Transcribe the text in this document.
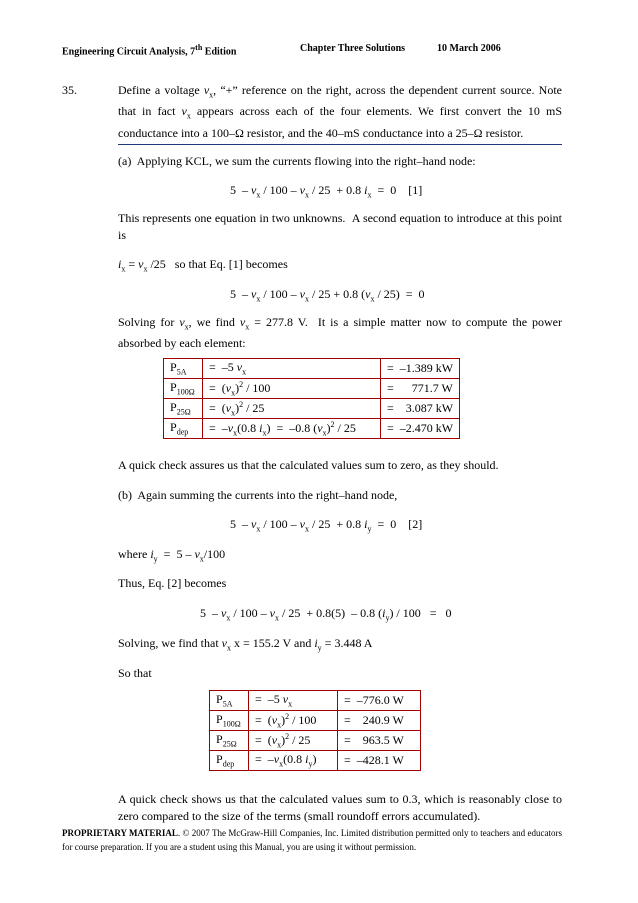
Engineering Circuit Analysis, 7th Edition	Chapter Three Solutions	10 March 2006
35.	Define a voltage $v_x$, “+” reference on the right, across the dependent current source. Note that in fact $v_x$ appears across each of the four elements. We first convert the 10 mS conductance into a 100–Ω resistor, and the 40–mS conductance into a 25–Ω resistor.
(a)  Applying KCL, we sum the currents flowing into the right–hand node:
$5 - v_x / 100 - v_x / 25 + 0.8$ $i_x = 0$    [1]
This represents one equation in two unknowns.  A second equation to introduce at this point is
$i_x = v_x$ /25   so that Eq. [1] becomes
$5 - v_x / 100 - v_x / 25 + 0.8$ $(v_x / 25) = 0$
Solving for $v_x$, we find $v_x = 277.8$ V.  It is a simple matter now to compute the power absorbed by each element:
$P_{5A}$	=  –5 $v_x$	=  –1.389 kW
$P_{100\Omega}$	=  $(v_x)^2 / 100$	=      771.7 W
$P_{25\Omega}$	=  $(v_x)^2 / 25$	=    3.087 kW
$P_{dep}$	=  $-v_x(0.8$ $i_x) = -0.8$ $(v_x)^2 / 25$	=  –2.470 kW
A quick check assures us that the calculated values sum to zero, as they should.
(b)  Again summing the currents into the right–hand node,
$5 - v_x / 100 - v_x / 25 + 0.8$ $i_y = 0$    [2]
where $i_y = 5 - v_x/100$
Thus, Eq. [2] becomes
$5 - v_x / 100 - v_x / 25 + 0.8(5) - 0.8$ $(i_y) / 100 = 0$
Solving, we find that $v_x$ x = 155.2 V and $i_y = 3.448$ A
So that
$P_{5A}$	=  –5 $v_x$	=  –776.0 W
$P_{100\Omega}$	=  $(v_x)^2 / 100$	=    240.9 W
$P_{25\Omega}$	=  $(v_x)^2 / 25$	=    963.5 W
$P_{dep}$	=  $-v_x(0.8$ $i_y$)	=  –428.1 W
A quick check shows us that the calculated values sum to 0.3, which is reasonably close to zero compared to the size of the terms (small roundoff errors accumulated).
PROPRIETARY MATERIAL. © 2007 The McGraw-Hill Companies, Inc. Limited distribution permitted only to teachers and educators for course preparation. If you are a student using this Manual, you are using it without permission.
